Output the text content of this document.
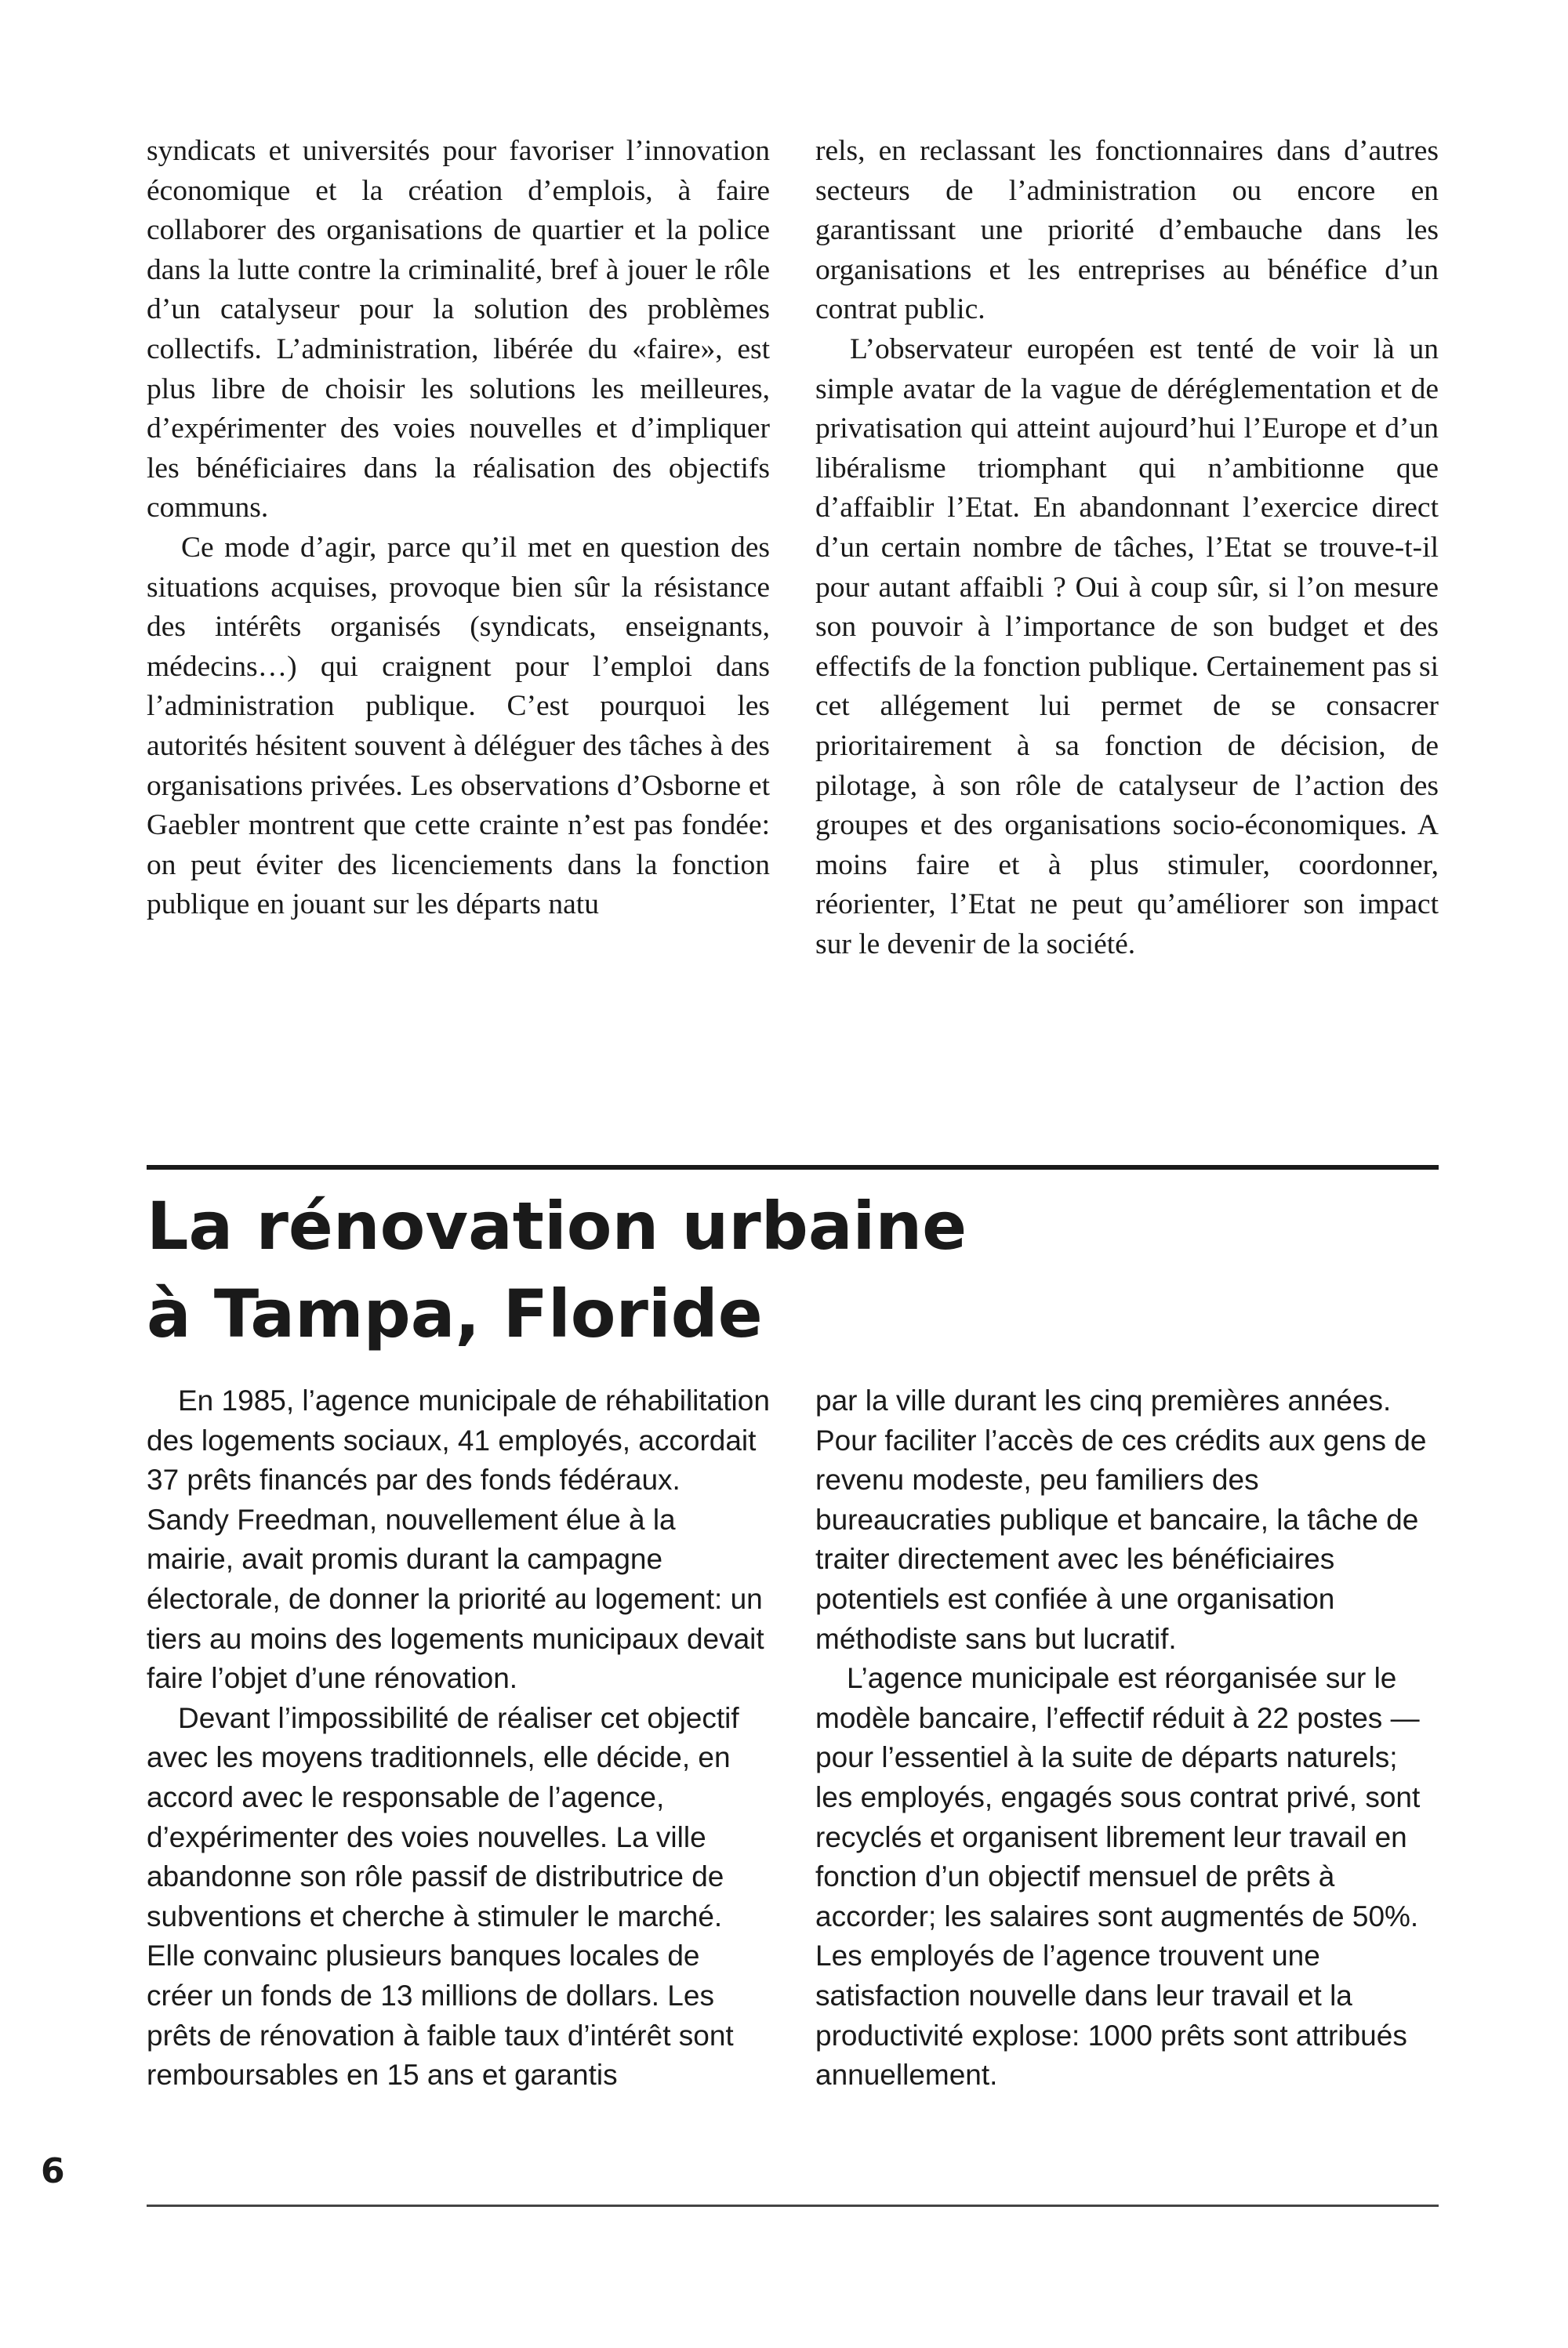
syndicats et universités pour favoriser l’innovation économique et la création d’emplois, à faire collaborer des organisations de quartier et la police dans la lutte contre la criminalité, bref à jouer le rôle d’un catalyseur pour la solution des problèmes collectifs. L’administration, libérée du «faire», est plus libre de choisir les solutions les meilleures, d’expérimenter des voies nouvelles et d’impliquer les bénéficiaires dans la réalisation des objectifs communs.

Ce mode d’agir, parce qu’il met en question des situations acquises, provoque bien sûr la résistance des intérêts organisés (syndicats, enseignants, médecins…) qui craignent pour l’emploi dans l’administration publique. C’est pourquoi les autorités hésitent souvent à déléguer des tâches à des organisations privées. Les observations d’Osborne et Gaebler montrent que cette crainte n’est pas fondée: on peut éviter des licenciements dans la fonction publique en jouant sur les départs natu

rels, en reclassant les fonctionnaires dans d’autres secteurs de l’administration ou encore en garantissant une priorité d’embauche dans les organisations et les entreprises au bénéfice d’un contrat public.

L’observateur européen est tenté de voir là un simple avatar de la vague de déréglementation et de privatisation qui atteint aujourd’hui l’Europe et d’un libéralisme triomphant qui n’ambitionne que d’affaiblir l’Etat. En abandonnant l’exercice direct d’un certain nombre de tâches, l’Etat se trouve-t-il pour autant affaibli ? Oui à coup sûr, si l’on mesure son pouvoir à l’importance de son budget et des effectifs de la fonction publique. Certainement pas si cet allégement lui permet de se consacrer prioritairement à sa fonction de décision, de pilotage, à son rôle de catalyseur de l’action des groupes et des organisations socio-économiques. A moins faire et à plus stimuler, coordonner, réorienter, l’Etat ne peut qu’améliorer son impact sur le devenir de la société.

La rénovation urbaine
à Tampa, Floride

En 1985, l’agence municipale de réhabilitation des logements sociaux, 41 employés, accordait 37 prêts financés par des fonds fédéraux. Sandy Freedman, nouvellement élue à la mairie, avait promis durant la campagne électorale, de donner la priorité au logement: un tiers au moins des logements municipaux devait faire l’objet d’une rénovation.

Devant l’impossibilité de réaliser cet objectif avec les moyens traditionnels, elle décide, en accord avec le responsable de l’agence, d’expérimenter des voies nouvelles. La ville abandonne son rôle passif de distributrice de subventions et cherche à stimuler le marché. Elle convainc plusieurs banques locales de créer un fonds de 13 millions de dollars. Les prêts de rénovation à faible taux d’intérêt sont remboursables en 15 ans et garantis

par la ville durant les cinq premières années. Pour faciliter l’accès de ces crédits aux gens de revenu modeste, peu familiers des bureaucraties publique et bancaire, la tâche de traiter directement avec les bénéficiaires potentiels est confiée à une organisation méthodiste sans but lucratif.

L’agence municipale est réorganisée sur le modèle bancaire, l’effectif réduit à 22 postes — pour l’essentiel à la suite de départs naturels; les employés, engagés sous contrat privé, sont recyclés et organisent librement leur travail en fonction d’un objectif mensuel de prêts à accorder; les salaires sont augmentés de 50%. Les employés de l’agence trouvent une satisfaction nouvelle dans leur travail et la productivité explose: 1000 prêts sont attribués annuellement.

6
